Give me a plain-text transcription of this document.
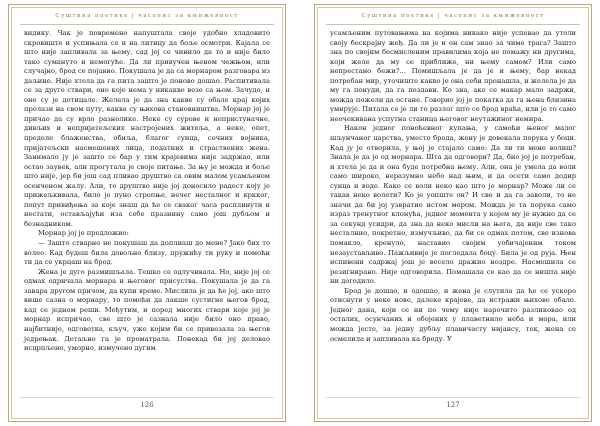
Суштина поетике | часопис за књижевност

видику. Чак је повремено напуштала своје удобно хладовито скровиште и успињала се и на литицу да боље осмотри. Кајала се што није запливала за њему, сад јој се чинило да то и није било тако сумануто и немогуће. Да ли привучен њеном чежњом, или случајно, брод се појавио. Покушала је да са морнаром разговара из даљине. Није хтела да га пита зашто је поново дошао. Распитивала се за друге ствари, оне које нема у никакве везе са њом. Зачудо, и оне су је дотицале. Желела је да зна какве су обале крај којих пролази на свом путу, каква су њихова становништва. Морнар јој је причао да су врло разноликe. Неке су сурове и непристуначне, дивљих и непријатељских настројених житеља, а неке, опет, пределе блаженства, обиља, благог сунца, сочних војника, пријатељски насмешених лица, податних и страствених жена. Занимало ју је зашто се бар у тим крајевима није задржао, или остао заувек, али прогутала је своје питање. За њу је можда и боље што није, јер би још сад пливао друштво са овим малом усамљеном осенченом жалу. Али, то друштво није јој доносило радост коју је прижељкивала, било је пуно стрепње, нечег несталног и кркког, попут привиђења за које знаш да ће се сваког часа расплинути и нестати, остављајући иза себе празнину само још дубљом и безнадником.

Морнар јој је предложио:

— Зашто стварно не покушаш да доплиаш до мене? Јако бих то волео. Кад будеш била довољно близу, пружићу ти руку и помоћи ти да се укрцаш на брод.

Жена је дуго размишљала. Тешко се одлучивала. Но, није јој се одмах одричала морнара и његовог присуства. Покушала је да га завара другом причом, да купи време. Мислила је да ће јој, ако што више сазна о морнару, то помоћи да лакше сустигне његов брод, кад се једном реши. Међутим, и поред многих ствари које јој је морнар испричао, све што је сазнала није било оно право, најбитније, одговетка, кључ, уже којим би се привезала за његов једрењак. Детаљно га је проматрала. Понекад би јој деловао исцрпљено, уморно, измучено дугим

126
Суштина поетике | часопис за књижевност

усамљеним путовањима на којима никако није успевао да утоли своју бескрајну жеђ. Да ли је и он сам знао за чиме трага? Зашто зна по својим бесмисленим правилима која не помажу ни другима, који желе да му се приближе, ни њему самом? Или само непрестано бежи?... Помишљала је да је и њему, бар некад потребан мир, уточиште какво је она себи пронашла, и желела је да му га понуди, да га поздави. Ко зна, ако се макар мало задржи, можда пожели да остане. Говорио јој је покатка да га њена близина умирује. Питала се је ли то разлог што се брод враћа, или је то само неочекивана успутна станица његовог неутажиног немира.

Након једног поноћевног купања, у самоћи њеног малог шљунчаног царства, уместо брода, жену је довекала порука у боци. Кад ју је отворила, у њој је стајало само: Да ли ти мене волиш? Знала је да је од морнара. Шта да одговори? Да, био јој је потребан, и хтела је да и она буде потребна њему. Али, она је умела да воли само широко, неразумно небо над њим, и да осети само додир сунца и воде. Како се воли неко као што је морнар? Може ли се такав неко волети? Ко је уопште он? И све и да га заволи, то не значи да би јој узвратио истом мером. Можда је та порука само израз тренутног клонућа, једног момента у којем му је нужно да се за секунд усидри, да зна да неко мисли на њега, да није све тако несталнио, покретно, измучљиво, да би се одмах потом, све изнова помакло, кренуло, наставио својим уобичајеним током незаустављиво. Пажљивије је погледала боцу. Била је од руја. Њен испивени садржај још је весело дражио ноздре. Насмешила се резигнирано. Није одговорила. Помашала се као да се ништа није ни догодило.

Брод је дошао, и одошао, и жена је слутила да ће се ускоро отиснути у неке нове, далеке крајеве, да истражи њихове обале. Једног дана, који се ни по чему није нарочито разликовао од осталих, осунчаних и обојених у плаветнило неба и мора, или можда јесте, за једну дубљу плавичасту нијансу, тек, жена се осмелила и запливала ка броду. У

127
